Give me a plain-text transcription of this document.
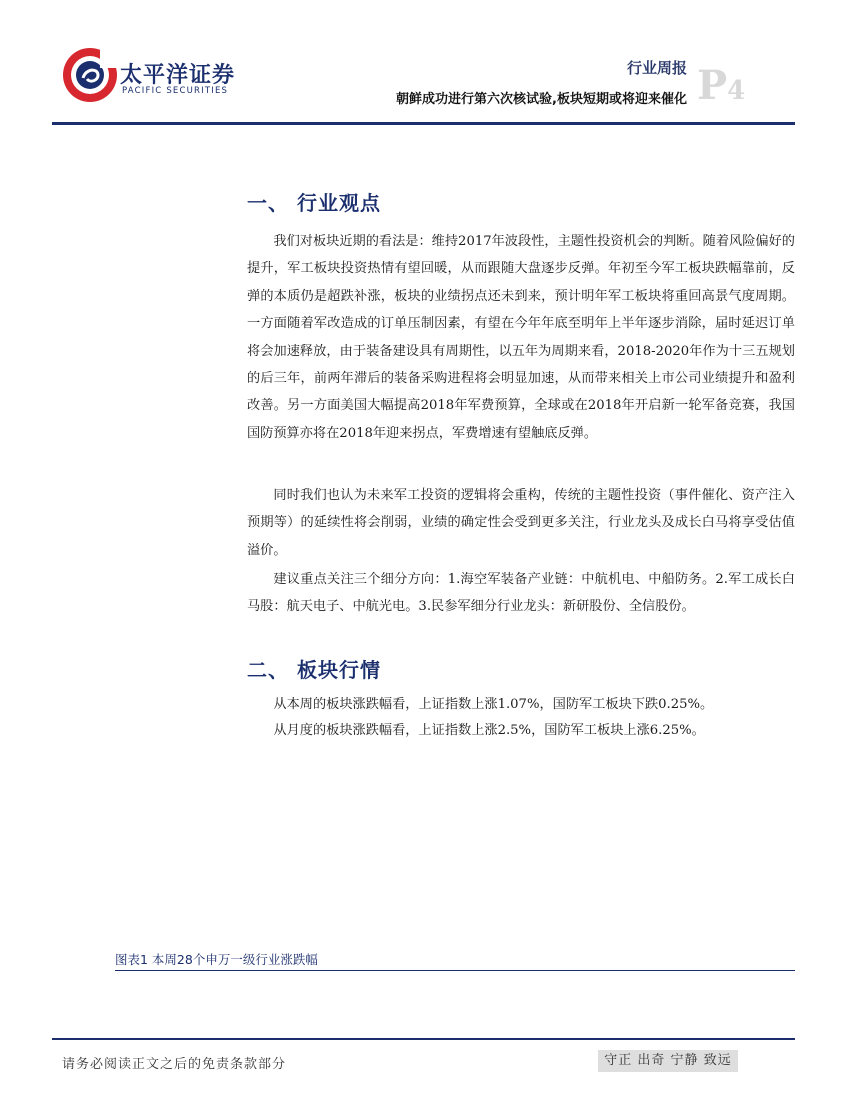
太平洋证券
PACIFIC SECURITIES
行业周报
朝鲜成功进行第六次核试验,板块短期或将迎来催化 P4
一、 行业观点
我们对板块近期的看法是：维持2017年波段性，主题性投资机会的判断。随着风险偏好的提升，军工板块投资热情有望回暖，从而跟随大盘逐步反弹。年初至今军工板块跌幅靠前，反弹的本质仍是超跌补涨，板块的业绩拐点还未到来，预计明年军工板块将重回高景气度周期。一方面随着军改造成的订单压制因素，有望在今年年底至明年上半年逐步消除，届时延迟订单将会加速释放，由于装备建设具有周期性，以五年为周期来看，2018-2020年作为十三五规划的后三年，前两年滞后的装备采购进程将会明显加速，从而带来相关上市公司业绩提升和盈利改善。另一方面美国大幅提高2018年军费预算，全球或在2018年开启新一轮军备竞赛，我国国防预算亦将在2018年迎来拐点，军费增速有望触底反弹。
同时我们也认为未来军工投资的逻辑将会重构，传统的主题性投资（事件催化、资产注入预期等）的延续性将会削弱，业绩的确定性会受到更多关注，行业龙头及成长白马将享受估值溢价。
建议重点关注三个细分方向：1.海空军装备产业链：中航机电、中船防务。2.军工成长白马股：航天电子、中航光电。3.民参军细分行业龙头：新研股份、全信股份。
二、 板块行情
从本周的板块涨跌幅看，上证指数上涨1.07%，国防军工板块下跌0.25%。
从月度的板块涨跌幅看，上证指数上涨2.5%，国防军工板块上涨6.25%。
图表1 本周28个申万一级行业涨跌幅
请务必阅读正文之后的免责条款部分	守正 出奇 宁静 致远
